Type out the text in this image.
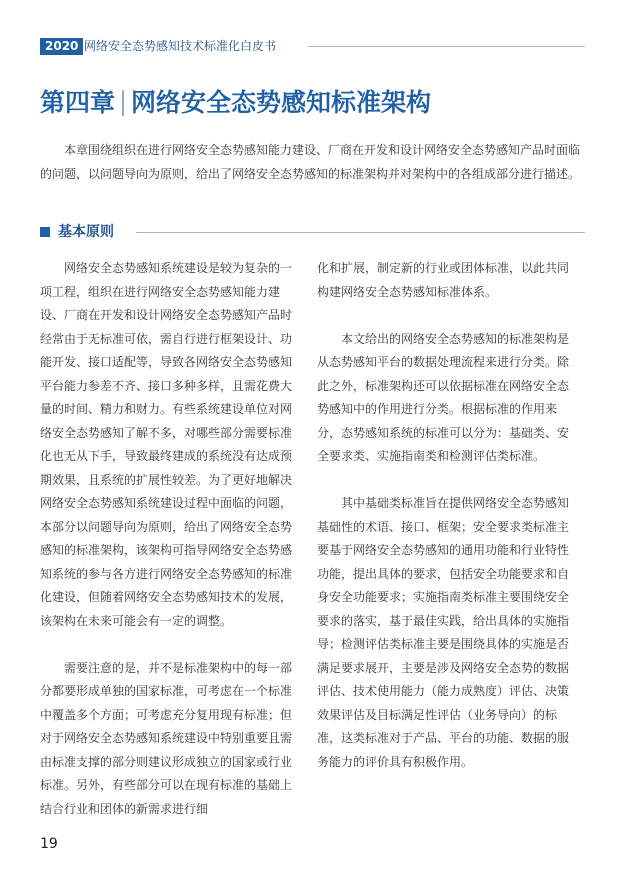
2020 网络安全态势感知技术标准化白皮书
第四章 网络安全态势感知标准架构

本章围绕组织在进行网络安全态势感知能力建设、厂商在开发和设计网络安全态势感知产品时面临的问题，以问题导向为原则，给出了网络安全态势感知的标准架构并对架构中的各组成部分进行描述。

基本原则

网络安全态势感知系统建设是较为复杂的一项工程，组织在进行网络安全态势感知能力建设、厂商在开发和设计网络安全态势感知产品时经常由于无标准可依，需自行进行框架设计、功能开发、接口适配等，导致各网络安全态势感知平台能力参差不齐、接口多种多样，且需花费大量的时间、精力和财力。有些系统建设单位对网络安全态势感知了解不多，对哪些部分需要标准化也无从下手，导致最终建成的系统没有达成预期效果，且系统的扩展性较差。为了更好地解决网络安全态势感知系统建设过程中面临的问题，本部分以问题导向为原则，给出了网络安全态势感知的标准架构，该架构可指导网络安全态势感知系统的参与各方进行网络安全态势感知的标准化建设，但随着网络安全态势感知技术的发展，该架构在未来可能会有一定的调整。

需要注意的是，并不是标准架构中的每一部分都要形成单独的国家标准，可考虑在一个标准中覆盖多个方面；可考虑充分复用现有标准；但对于网络安全态势感知系统建设中特别重要且需由标准支撑的部分则建议形成独立的国家或行业标准。另外，有些部分可以在现有标准的基础上结合行业和团体的新需求进行细

化和扩展，制定新的行业或团体标准，以此共同构建网络安全态势感知标准体系。

本文给出的网络安全态势感知的标准架构是从态势感知平台的数据处理流程来进行分类。除此之外，标准架构还可以依据标准在网络安全态势感知中的作用进行分类。根据标准的作用来分，态势感知系统的标准可以分为：基础类、安全要求类、实施指南类和检测评估类标准。

其中基础类标准旨在提供网络安全态势感知基础性的术语、接口、框架；安全要求类标准主要基于网络安全态势感知的通用功能和行业特性功能，提出具体的要求，包括安全功能要求和自身安全功能要求；实施指南类标准主要围绕安全要求的落实，基于最佳实践，给出具体的实施指导；检测评估类标准主要是围绕具体的实施是否满足要求展开，主要是涉及网络安全态势的数据评估、技术使用能力（能力成熟度）评估、决策效果评估及目标满足性评估（业务导向）的标准，这类标准对于产品、平台的功能、数据的服务能力的评价具有积极作用。

19
